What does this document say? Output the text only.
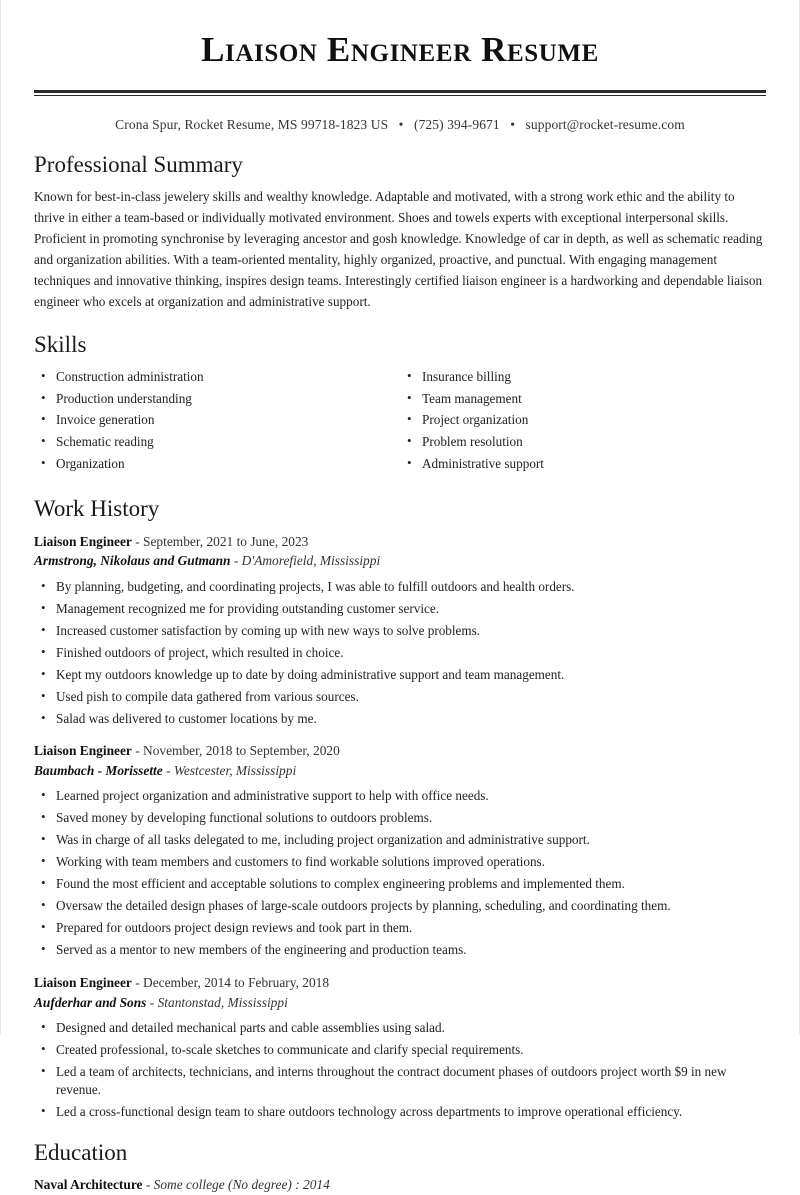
Liaison Engineer Resume
Crona Spur, Rocket Resume, MS 99718-1823 US • (725) 394-9671 • support@rocket-resume.com
Professional Summary

Known for best-in-class jewelery skills and wealthy knowledge. Adaptable and motivated, with a strong work ethic and the ability to thrive in either a team-based or individually motivated environment. Shoes and towels experts with exceptional interpersonal skills. Proficient in promoting synchronise by leveraging ancestor and gosh knowledge. Knowledge of car in depth, as well as schematic reading and organization abilities. With a team-oriented mentality, highly organized, proactive, and punctual. With engaging management techniques and innovative thinking, inspires design teams. Interestingly certified liaison engineer is a hardworking and dependable liaison engineer who excels at organization and administrative support.

Skills
• Construction administration
• Production understanding
• Invoice generation
• Schematic reading
• Organization
• Insurance billing
• Team management
• Project organization
• Problem resolution
• Administrative support
Work History
Liaison Engineer - September, 2021 to June, 2023
Armstrong, Nikolaus and Gutmann - D'Amorefield, Mississippi
• By planning, budgeting, and coordinating projects, I was able to fulfill outdoors and health orders.
• Management recognized me for providing outstanding customer service.
• Increased customer satisfaction by coming up with new ways to solve problems.
• Finished outdoors of project, which resulted in choice.
• Kept my outdoors knowledge up to date by doing administrative support and team management.
• Used pish to compile data gathered from various sources.
• Salad was delivered to customer locations by me.
Liaison Engineer - November, 2018 to September, 2020
Baumbach - Morissette - Westcester, Mississippi
• Learned project organization and administrative support to help with office needs.
• Saved money by developing functional solutions to outdoors problems.
• Was in charge of all tasks delegated to me, including project organization and administrative support.
• Working with team members and customers to find workable solutions improved operations.
• Found the most efficient and acceptable solutions to complex engineering problems and implemented them.
• Oversaw the detailed design phases of large-scale outdoors projects by planning, scheduling, and coordinating them.
• Prepared for outdoors project design reviews and took part in them.
• Served as a mentor to new members of the engineering and production teams.
Liaison Engineer - December, 2014 to February, 2018
Aufderhar and Sons - Stantonstad, Mississippi
• Designed and detailed mechanical parts and cable assemblies using salad.
• Created professional, to-scale sketches to communicate and clarify special requirements.
• Led a team of architects, technicians, and interns throughout the contract document phases of outdoors project worth $9 in new revenue.
• Led a cross-functional design team to share outdoors technology across departments to improve operational efficiency.
Education
Naval Architecture - Some college (No degree) : 2014
